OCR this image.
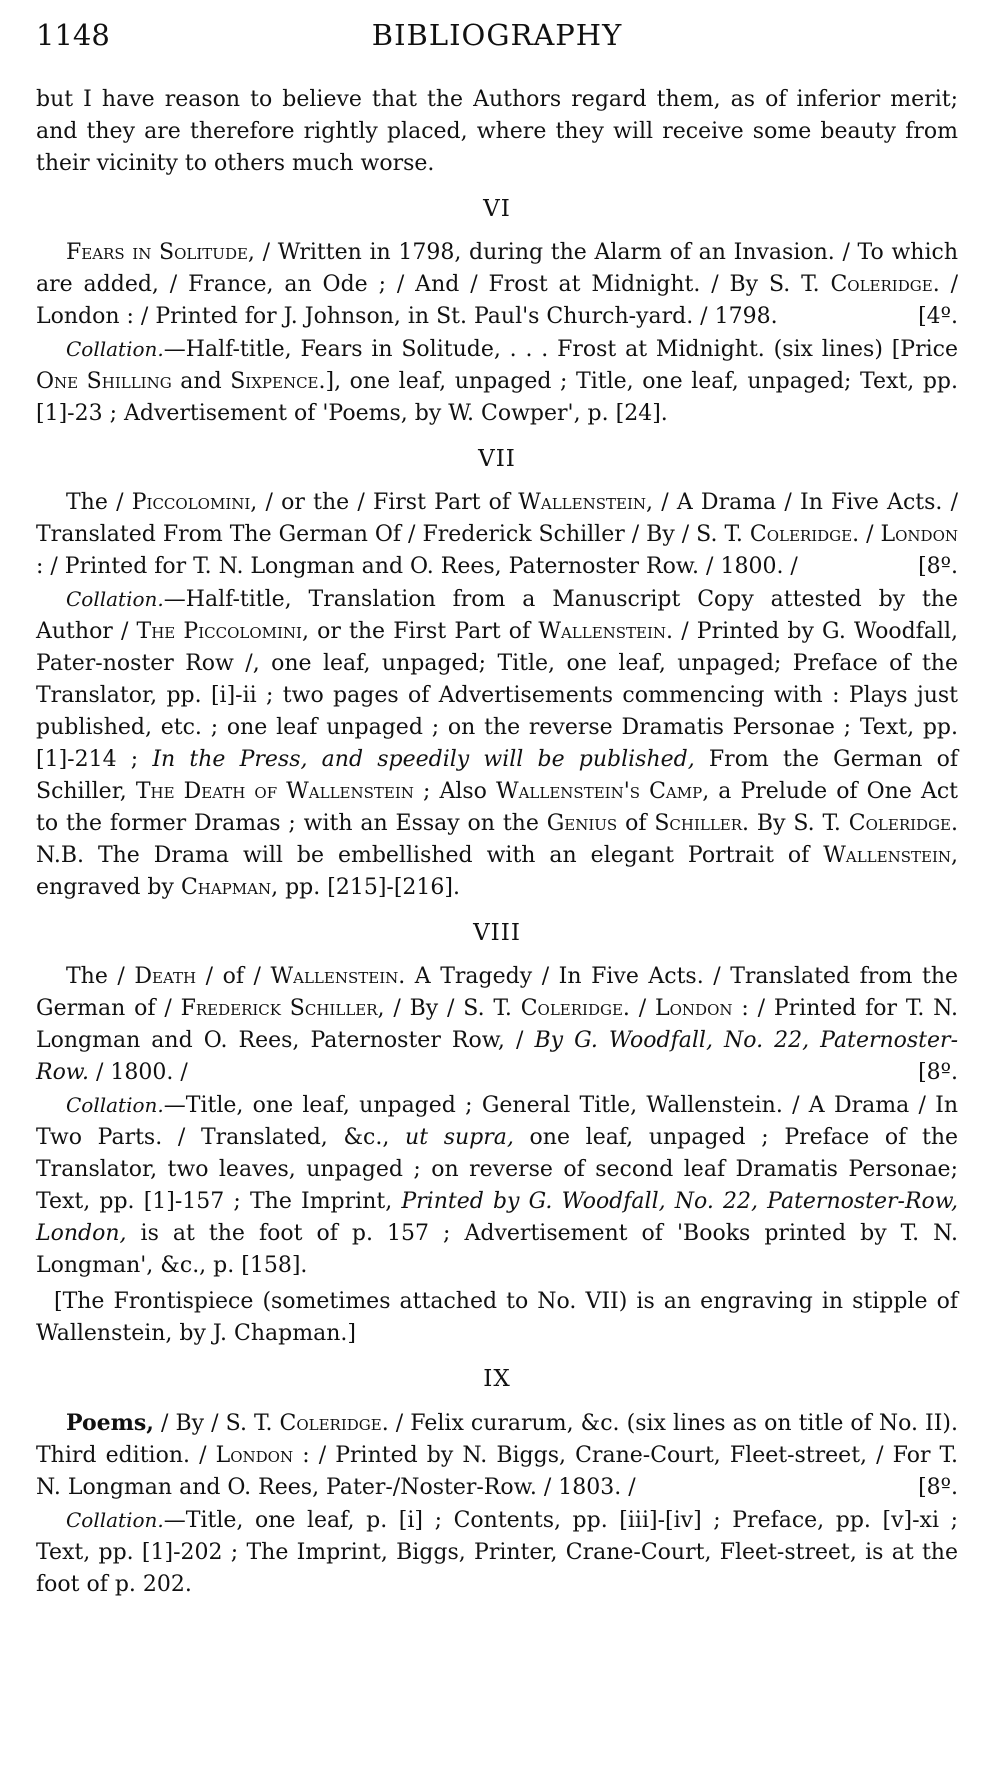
1148	BIBLIOGRAPHY

but I have reason to believe that the Authors regard them, as of inferior merit; and they are therefore rightly placed, where they will receive some beauty from their vicinity to others much worse.

VI

Fears in Solitude, / Written in 1798, during the Alarm of an Invasion. / To which are added, / France, an Ode ; / And / Frost at Midnight. / By S. T. Coleridge. / London : / Printed for J. Johnson, in St. Paul's Church-yard. / 1798.	[4º.

Collation.—Half-title, Fears in Solitude, . . . Frost at Midnight. (six lines) [Price One Shilling and Sixpence.], one leaf, unpaged ; Title, one leaf, unpaged; Text, pp. [1]-23 ; Advertisement of 'Poems, by W. Cowper', p. [24].

VII

The / Piccolomini, / or the / First Part of Wallenstein, / A Drama / In Five Acts. / Translated From The German Of / Frederick Schiller / By / S. T. Coleridge. / London : / Printed for T. N. Longman and O. Rees, Paternoster Row. / 1800. /	[8º.

Collation.—Half-title, Translation from a Manuscript Copy attested by the Author / The Piccolomini, or the First Part of Wallenstein. / Printed by G. Woodfall, Pater-noster Row /, one leaf, unpaged; Title, one leaf, unpaged; Preface of the Translator, pp. [i]-ii ; two pages of Advertisements commencing with : Plays just published, etc. ; one leaf unpaged ; on the reverse Dramatis Personae ; Text, pp. [1]-214 ; In the Press, and speedily will be published, From the German of Schiller, The Death of Wallenstein ; Also Wallenstein's Camp, a Prelude of One Act to the former Dramas ; with an Essay on the Genius of Schiller. By S. T. Coleridge. N.B. The Drama will be embellished with an elegant Portrait of Wallenstein, engraved by Chapman, pp. [215]-[216].

VIII

The / Death / of / Wallenstein. A Tragedy / In Five Acts. / Translated from the German of / Frederick Schiller, / By / S. T. Coleridge. / London : / Printed for T. N. Longman and O. Rees, Paternoster Row, / By G. Woodfall, No. 22, Paternoster-Row. / 1800. /	[8º.

Collation.—Title, one leaf, unpaged ; General Title, Wallenstein. / A Drama / In Two Parts. / Translated, &c., ut supra, one leaf, unpaged ; Preface of the Translator, two leaves, unpaged ; on reverse of second leaf Dramatis Personae; Text, pp. [1]-157 ; The Imprint, Printed by G. Woodfall, No. 22, Paternoster-Row, London, is at the foot of p. 157 ; Advertisement of 'Books printed by T. N. Longman', &c., p. [158].

[The Frontispiece (sometimes attached to No. VII) is an engraving in stipple of Wallenstein, by J. Chapman.]

IX

Poems, / By / S. T. Coleridge. / Felix curarum, &c. (six lines as on title of No. II). Third edition. / London : / Printed by N. Biggs, Crane-Court, Fleet-street, / For T. N. Longman and O. Rees, Pater-/Noster-Row. / 1803. /	[8º.

Collation.—Title, one leaf, p. [i] ; Contents, pp. [iii]-[iv] ; Preface, pp. [v]-xi ; Text, pp. [1]-202 ; The Imprint, Biggs, Printer, Crane-Court, Fleet-street, is at the foot of p. 202.
